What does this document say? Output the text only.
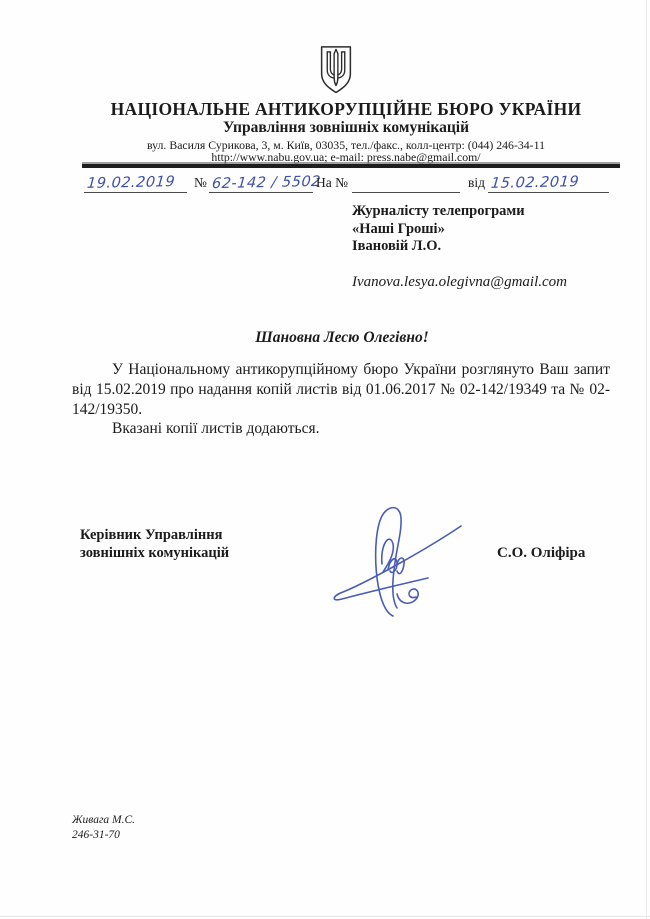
НАЦІОНАЛЬНЕ АНТИКОРУПЦІЙНЕ БЮРО УКРАЇНИ
Управління зовнішніх комунікацій
вул. Василя Сурикова, 3, м. Київ, 03035, тел./факс., колл-центр: (044) 246-34-11
http://www.nabu.gov.ua; e-mail: press.nabe@gmail.com/
19.02.2019 № 62-142 / 5502
На №	від 15.02.2019
Журналісту телепрограми
«Наші Гроші»
Івановій Л.О.
Ivanova.lesya.olegivna@gmail.com
Шановна Лесю Олегівно!

У Національному антикорупційному бюро України розглянуто Ваш запит від 15.02.2019 про надання копій листів від 01.06.2017 № 02-142/19349 та № 02-142/19350.

Вказані копії листів додаються.

Керівник Управління
зовнішніх комунікацій	С.О. Оліфіра
Живага М.С.
246-31-70
